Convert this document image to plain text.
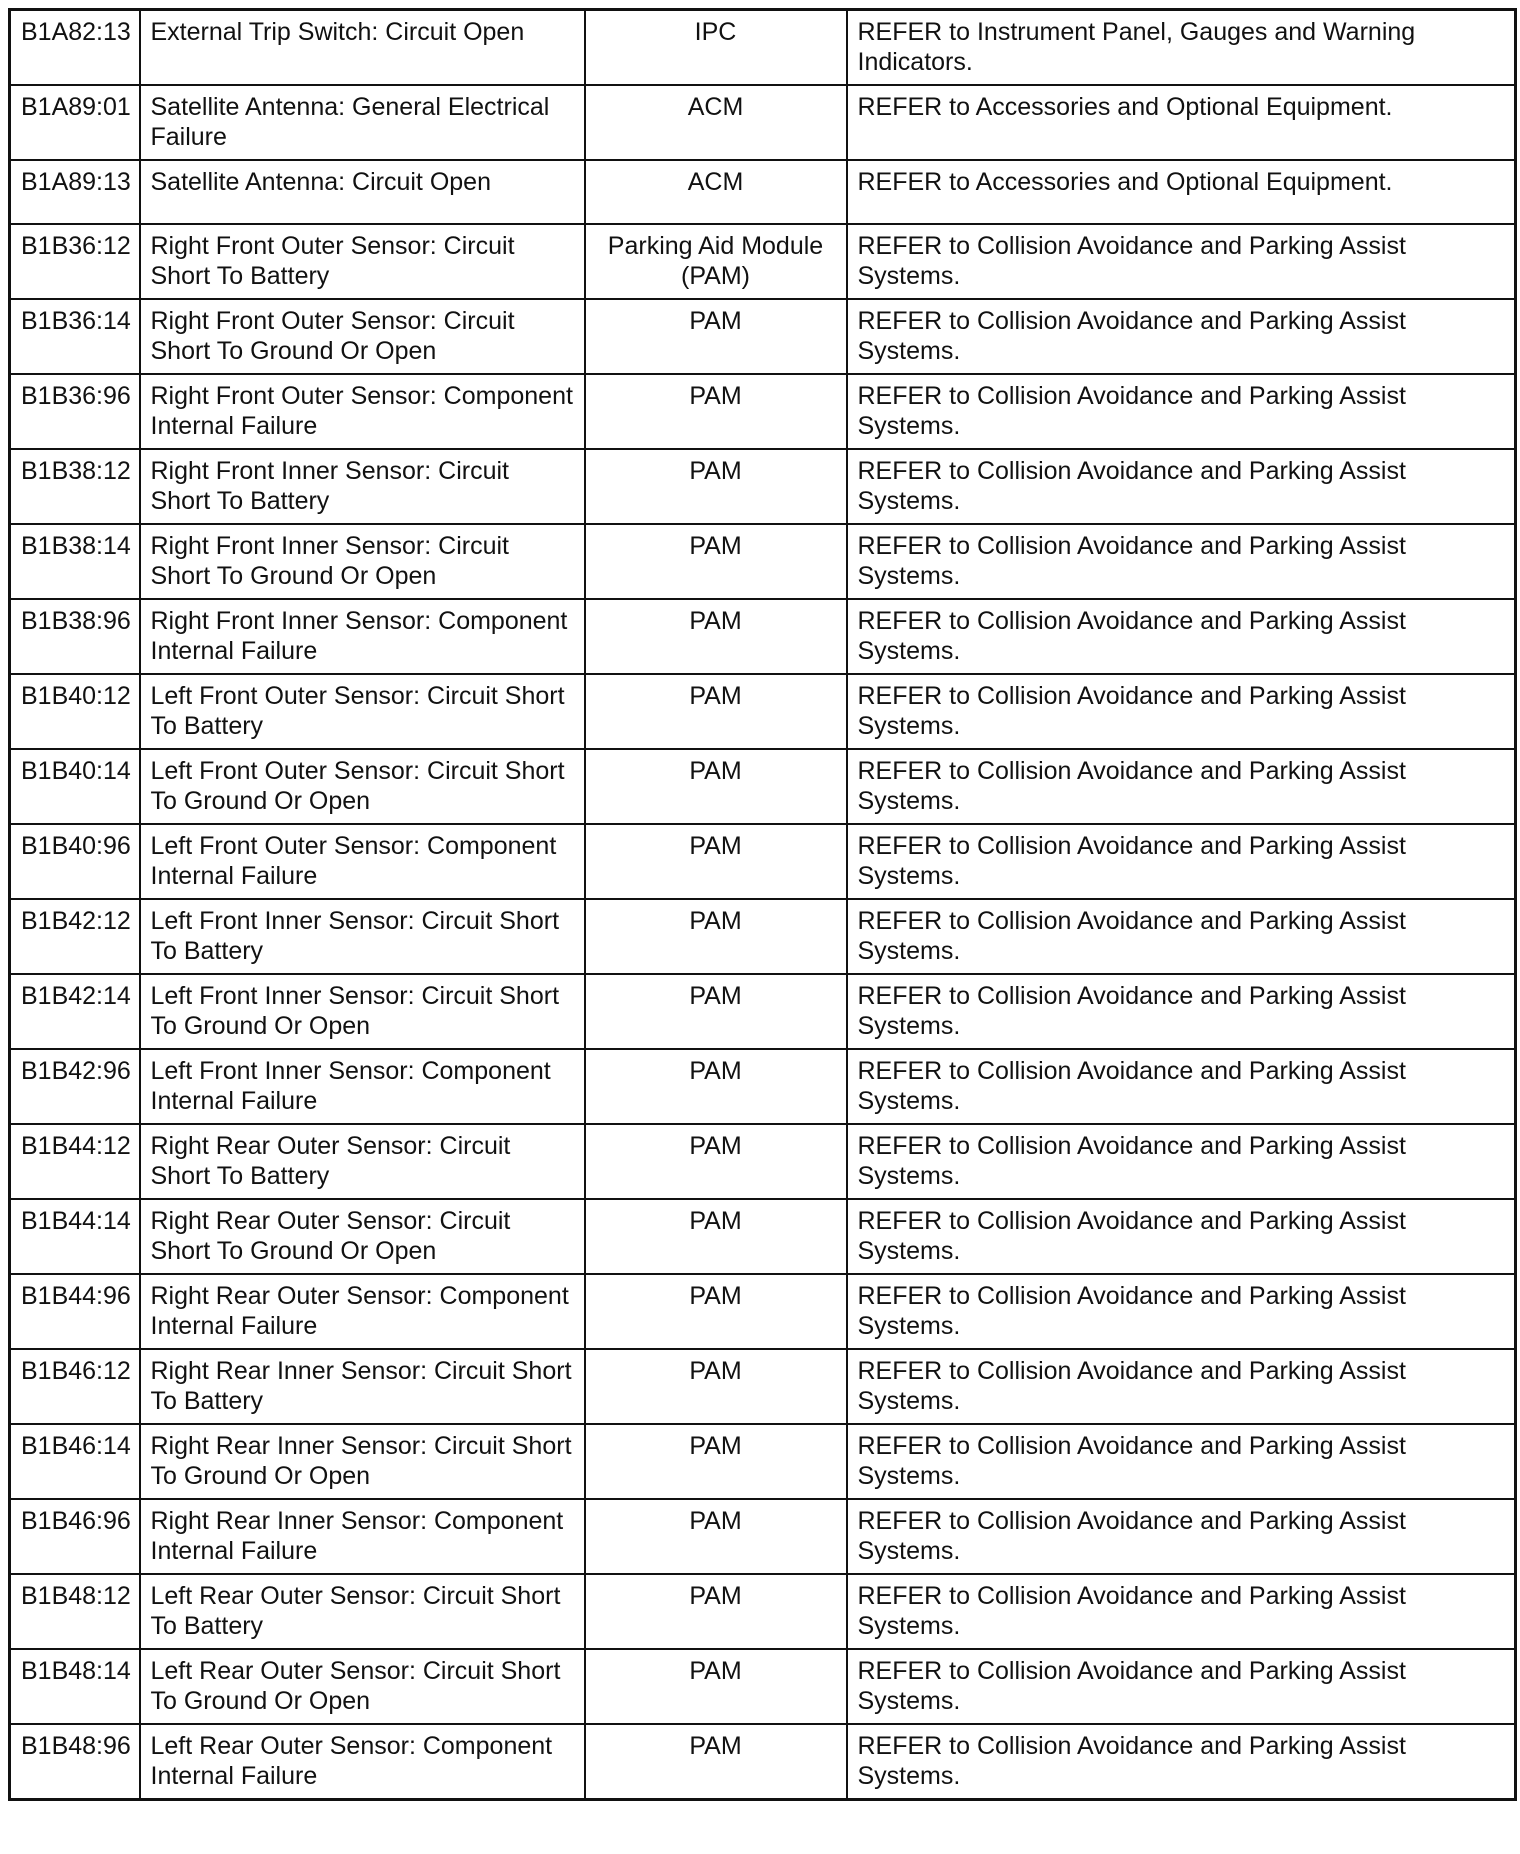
B1A82:13	External Trip Switch: Circuit Open	IPC	REFER to Instrument Panel, Gauges and Warning Indicators.
B1A89:01	Satellite Antenna: General Electrical Failure	ACM	REFER to Accessories and Optional Equipment.
B1A89:13	Satellite Antenna: Circuit Open	ACM	REFER to Accessories and Optional Equipment.
B1B36:12	Right Front Outer Sensor: Circuit Short To Battery	Parking Aid Module (PAM)	REFER to Collision Avoidance and Parking Assist Systems.
B1B36:14	Right Front Outer Sensor: Circuit Short To Ground Or Open	PAM	REFER to Collision Avoidance and Parking Assist Systems.
B1B36:96	Right Front Outer Sensor: Component Internal Failure	PAM	REFER to Collision Avoidance and Parking Assist Systems.
B1B38:12	Right Front Inner Sensor: Circuit Short To Battery	PAM	REFER to Collision Avoidance and Parking Assist Systems.
B1B38:14	Right Front Inner Sensor: Circuit Short To Ground Or Open	PAM	REFER to Collision Avoidance and Parking Assist Systems.
B1B38:96	Right Front Inner Sensor: Component Internal Failure	PAM	REFER to Collision Avoidance and Parking Assist Systems.
B1B40:12	Left Front Outer Sensor: Circuit Short To Battery	PAM	REFER to Collision Avoidance and Parking Assist Systems.
B1B40:14	Left Front Outer Sensor: Circuit Short To Ground Or Open	PAM	REFER to Collision Avoidance and Parking Assist Systems.
B1B40:96	Left Front Outer Sensor: Component Internal Failure	PAM	REFER to Collision Avoidance and Parking Assist Systems.
B1B42:12	Left Front Inner Sensor: Circuit Short To Battery	PAM	REFER to Collision Avoidance and Parking Assist Systems.
B1B42:14	Left Front Inner Sensor: Circuit Short To Ground Or Open	PAM	REFER to Collision Avoidance and Parking Assist Systems.
B1B42:96	Left Front Inner Sensor: Component Internal Failure	PAM	REFER to Collision Avoidance and Parking Assist Systems.
B1B44:12	Right Rear Outer Sensor: Circuit Short To Battery	PAM	REFER to Collision Avoidance and Parking Assist Systems.
B1B44:14	Right Rear Outer Sensor: Circuit Short To Ground Or Open	PAM	REFER to Collision Avoidance and Parking Assist Systems.
B1B44:96	Right Rear Outer Sensor: Component Internal Failure	PAM	REFER to Collision Avoidance and Parking Assist Systems.
B1B46:12	Right Rear Inner Sensor: Circuit Short To Battery	PAM	REFER to Collision Avoidance and Parking Assist Systems.
B1B46:14	Right Rear Inner Sensor: Circuit Short To Ground Or Open	PAM	REFER to Collision Avoidance and Parking Assist Systems.
B1B46:96	Right Rear Inner Sensor: Component Internal Failure	PAM	REFER to Collision Avoidance and Parking Assist Systems.
B1B48:12	Left Rear Outer Sensor: Circuit Short To Battery	PAM	REFER to Collision Avoidance and Parking Assist Systems.
B1B48:14	Left Rear Outer Sensor: Circuit Short To Ground Or Open	PAM	REFER to Collision Avoidance and Parking Assist Systems.
B1B48:96	Left Rear Outer Sensor: Component Internal Failure	PAM	REFER to Collision Avoidance and Parking Assist Systems.
